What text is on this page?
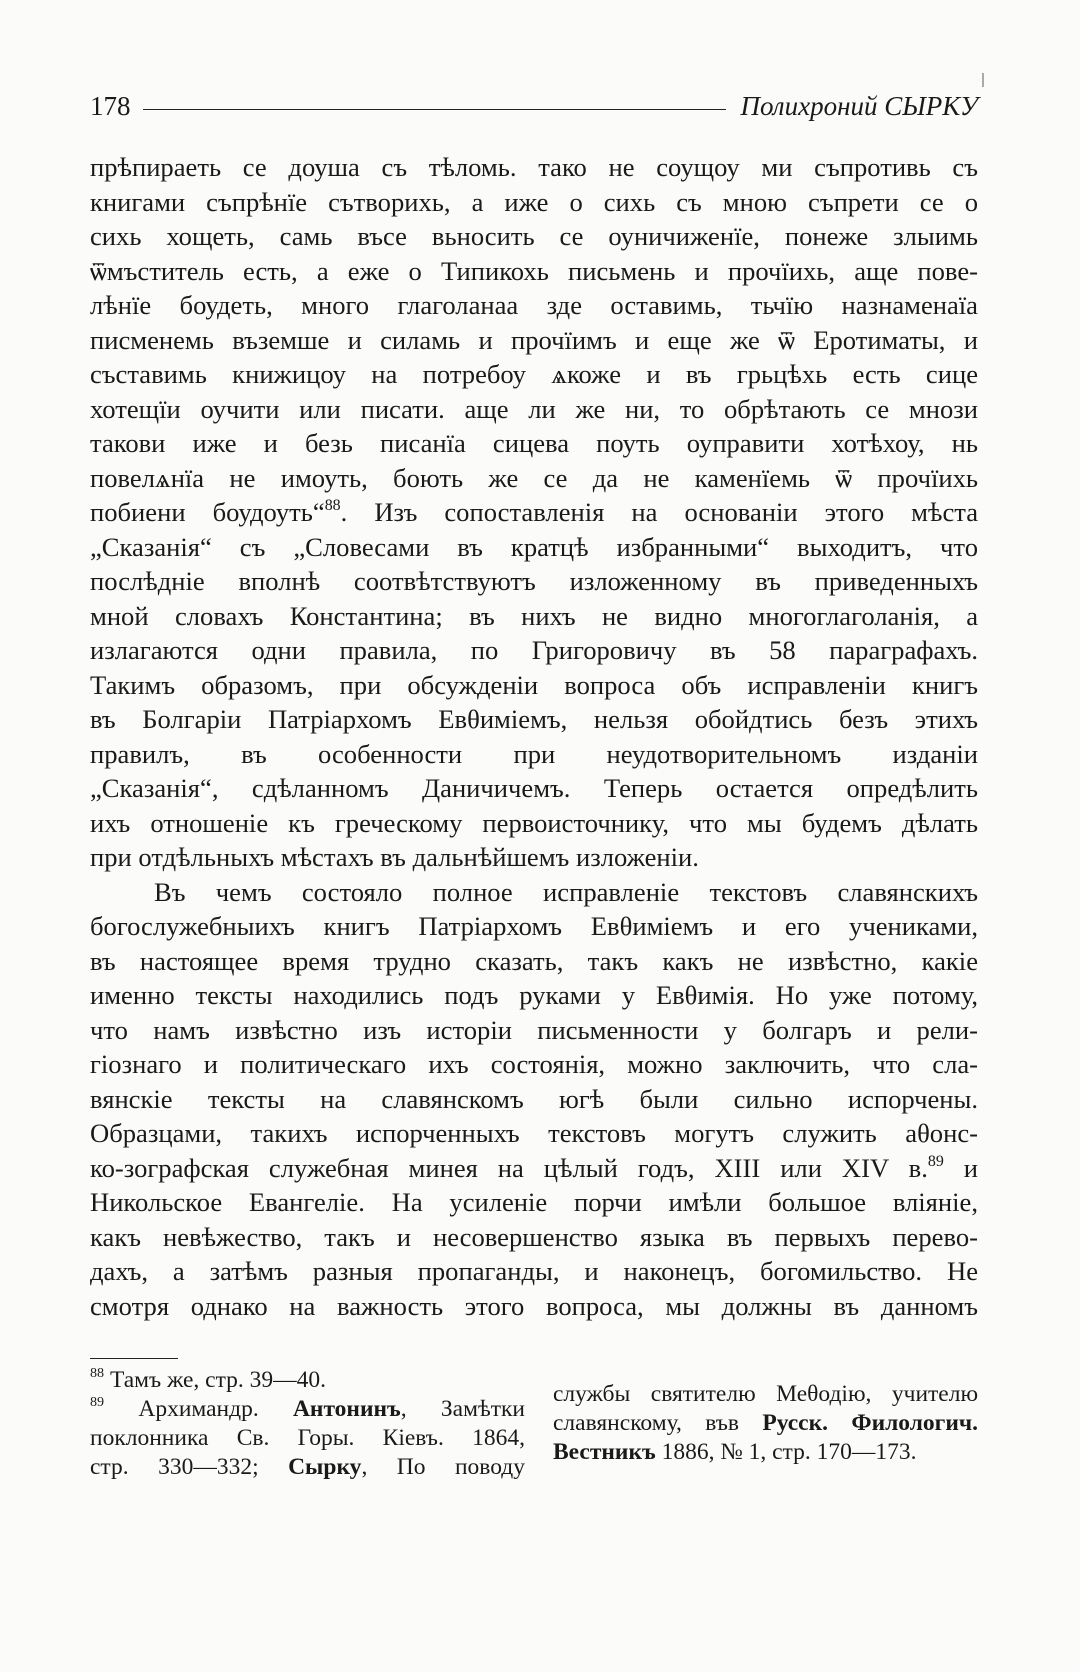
178	Полихроний СЫРКУ
прѣпираеть се доуша съ тѣломь. тако не соущоу ми съпротивь съ
книгами съпрѣнїе сътворихь, а иже о сихь съ мною съпрети се о
сихь хощеть, самь въсе вьносить се оуничиженїе, понеже злыимь
ѿмъститель есть, а еже о Типикохь письмень и прочїихь, аще пове-
лѣнїе боудеть, много глаголанаа зде оставимь, тьчїю назнаменаїа
писменемь въземше и силамь и прочїимъ и еще же ѿ Еротиматы, и
съставимь книжицоу на потребоу ѧкоже и въ грьцѣхь есть сице
хотещїи оучити или писати. аще ли же ни, то обрѣтають се мнози
такови иже и безь писанїа сицева поуть оуправити хотѣхоу, нь
повелѧнїа не имоуть, боють же се да не каменїемь ѿ прочїихь
побиени боудоуть“$^{88}$. Изъ сопоставленія на основаніи этого мѣста
„Сказанія“ съ „Словесами въ кратцѣ избранными“ выходитъ, что
послѣдніе вполнѣ соотвѣтствуютъ изложенному въ приведенныхъ
мной словахъ Константина; въ нихъ не видно многоглаголанія, а
излагаются одни правила, по Григоровичу въ 58 параграфахъ.
Такимъ образомъ, при обсужденіи вопроса объ исправленіи книгъ
въ Болгаріи Патріархомъ Евθиміемъ, нельзя обойдтись безъ этихъ
правилъ, въ особенности при неудотворительномъ изданіи
„Сказанія“, сдѣланномъ Даничичемъ. Теперь остается опредѣлить
ихъ отношеніе къ греческому первоисточнику, что мы будемъ дѣлать
при отдѣльныхъ мѣстахъ въ дальнѣйшемъ изложеніи.
Въ чемъ состояло полное исправленіе текстовъ славянскихъ
богослужебныихъ книгъ Патріархомъ Евθиміемъ и его учениками,
въ настоящее время трудно сказать, такъ какъ не извѣстно, какіе
именно тексты находились подъ руками у Евθимія. Но уже потому,
что намъ извѣстно изъ исторіи письменности у болгаръ и рели-
гіознаго и политическаго ихъ состоянія, можно заключить, что сла-
вянскіе тексты на славянскомъ югѣ были сильно испорчены.
Образцами, такихъ испорченныхъ текстовъ могутъ служить аθонс-
ко-зографская служебная минея на цѣлый годъ, XIII или XIV в.$^{89}$ и
Никольское Евангеліе. На усиленіе порчи имѣли большое вліяніе,
какъ невѣжество, такъ и несовершенство языка въ первыхъ перево-
дахъ, а затѣмъ разныя пропаганды, и наконецъ, богомильство. Не
смотря однако на важность этого вопроса, мы должны въ данномъ
$^{88}$ Тамъ же, стр. 39—40.
$^{89}$ Архимандр. Антонинъ, Замѣтки
поклонника Св. Горы. Кіевъ. 1864,
стр. 330—332; Сырку, По поводу
службы святителю Меθодію, учителю
славянскому, във Русск. Филологич.
Вестникъ 1886, № 1, стр. 170—173.
